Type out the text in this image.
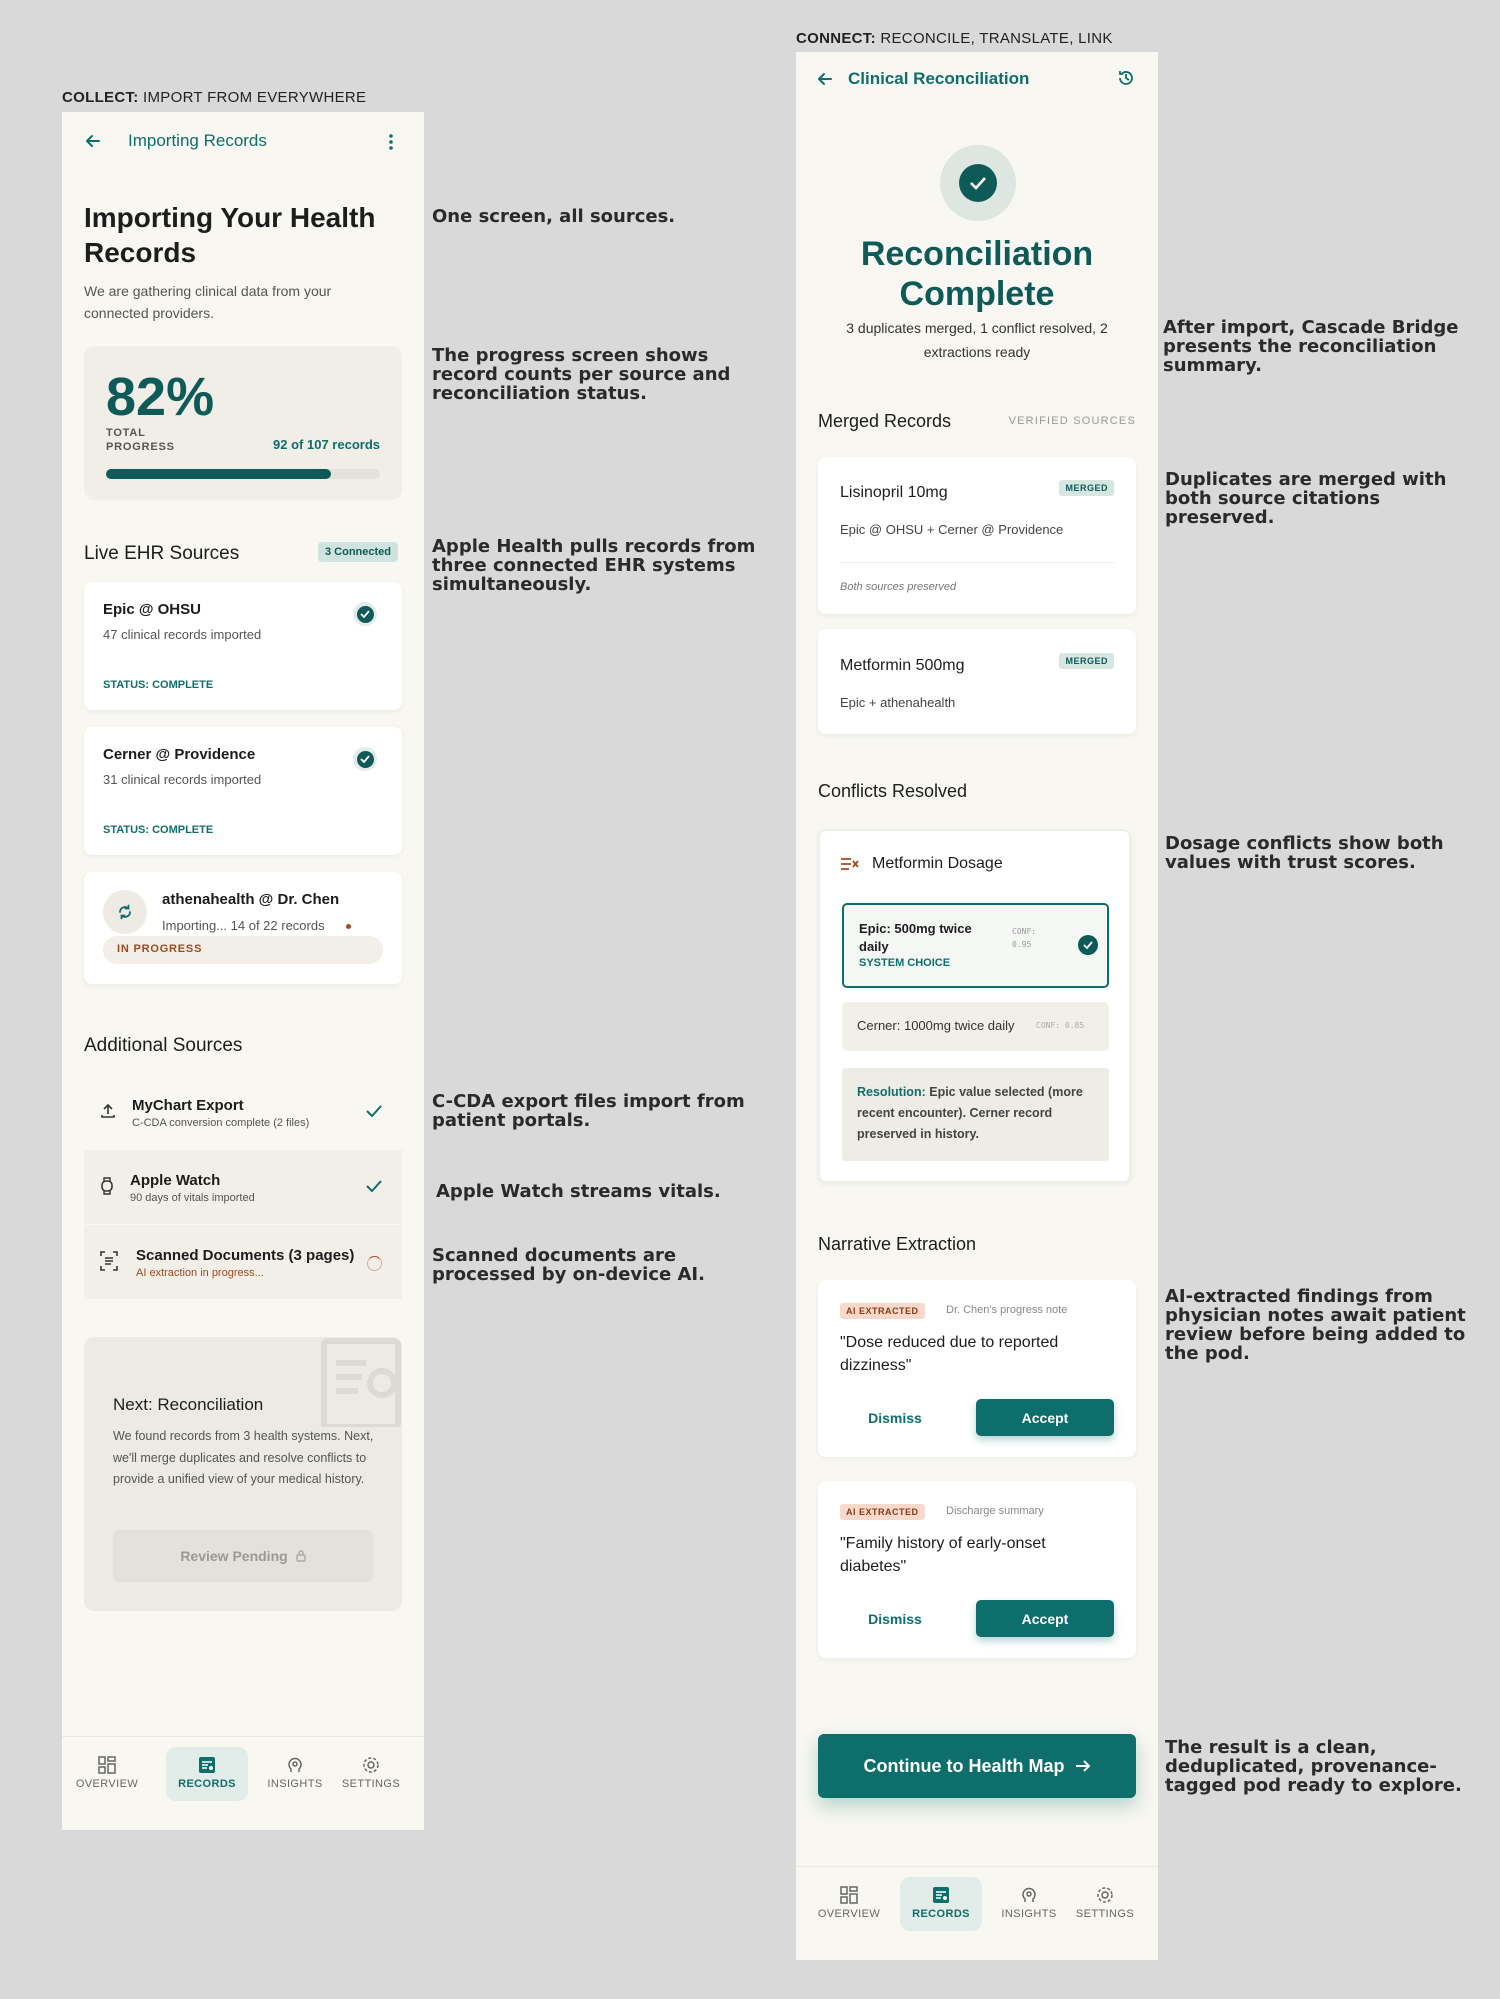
COLLECT: IMPORT FROM EVERYWHERE
Importing Records
Importing Your Health Records
We are gathering clinical data from your connected providers.
82%
TOTAL PROGRESS	92 of 107 records
Live EHR Sources	3 Connected
Epic @ OHSU
47 clinical records imported
STATUS: COMPLETE
Cerner @ Providence
31 clinical records imported
STATUS: COMPLETE
athenahealth @ Dr. Chen
Importing... 14 of 22 records
IN PROGRESS
Additional Sources
MyChart Export
C-CDA conversion complete (2 files)
Apple Watch
90 days of vitals imported
Scanned Documents (3 pages)
AI extraction in progress...
Next: Reconciliation
We found records from 3 health systems. Next, we'll merge duplicates and resolve conflicts to provide a unified view of your medical history.
Review Pending
OVERVIEW	RECORDS	INSIGHTS	SETTINGS
One screen, all sources.
The progress screen shows record counts per source and reconciliation status.
Apple Health pulls records from three connected EHR systems simultaneously.
C-CDA export files import from patient portals.
Apple Watch streams vitals.
Scanned documents are processed by on-device AI.
CONNECT: RECONCILE, TRANSLATE, LINK
Clinical Reconciliation
Reconciliation Complete
3 duplicates merged, 1 conflict resolved, 2 extractions ready
Merged Records	VERIFIED SOURCES
Lisinopril 10mg	MERGED
Epic @ OHSU + Cerner @ Providence
Both sources preserved
Metformin 500mg	MERGED
Epic + athenahealth
Conflicts Resolved
Metformin Dosage
Epic: 500mg twice daily
SYSTEM CHOICE
CONF: 0.95
Cerner: 1000mg twice daily	CONF: 0.85
Resolution: Epic value selected (more recent encounter). Cerner record preserved in history.
Narrative Extraction
AI EXTRACTED	Dr. Chen's progress note
"Dose reduced due to reported dizziness"
Dismiss	Accept
AI EXTRACTED	Discharge summary
"Family history of early-onset diabetes"
Dismiss	Accept
Continue to Health Map
OVERVIEW	RECORDS	INSIGHTS	SETTINGS
After import, Cascade Bridge presents the reconciliation summary.
Duplicates are merged with both source citations preserved.
Dosage conflicts show both values with trust scores.
AI-extracted findings from physician notes await patient review before being added to the pod.
The result is a clean, deduplicated, provenance-tagged pod ready to explore.
